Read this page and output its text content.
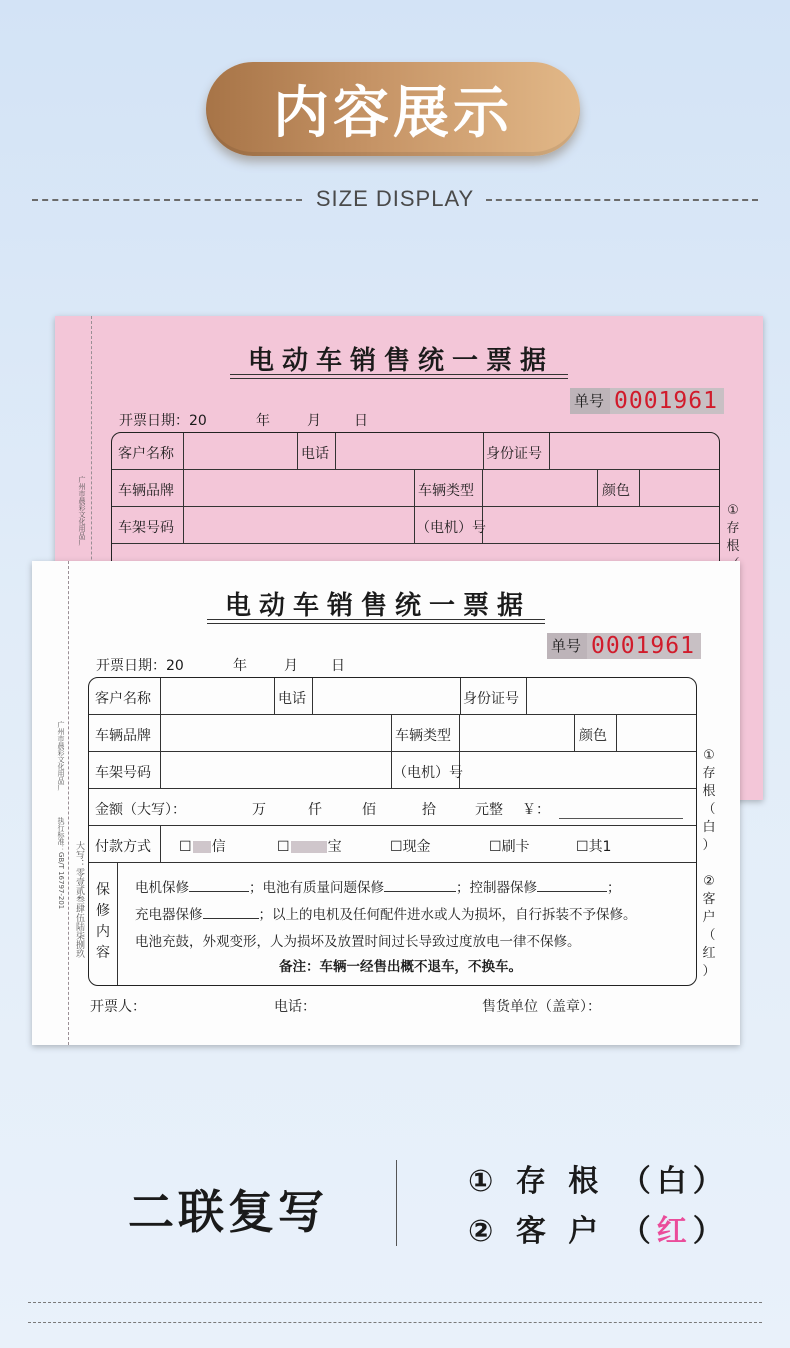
内容展示
SIZE DISPLAY
广州市晨彩文化用品厂
电动车销售统一票据
单号 0001961
开票日期：20	年	月 日
客户名称	电话	身份证号
车辆品牌	车辆类型	颜色
车架号码	（电机）号
①
存
根
广州市晨彩文化用品厂
执行标准：GB/T 16797-201 大写：零壹贰叁肆伍陆柒捌玖
电动车销售统一票据
单号 0001961
开票日期：20	年	月 日
客户名称	电话	身份证号
车辆品牌	车辆类型	颜色
车架号码	（电机）号
金额（大写）：	万	仟	佰	拾	元整 ￥：
付款方式 ☐ 信	☐	宝	☐现金	☐刷卡	☐其1
保
修
内
容
电机保修	；电池有质量问题保修	；控制器保修	；
充电器保修	；以上的电机及任何配件进水或人为损坏，自行拆装不予保修。
电池充鼓，外观变形，人为损坏及放置时间过长导致过度放电一律不保修。
备注：车辆一经售出概不退车，不换车。
①
存
根
（
白
）
②
客
户
（
红
）
开票人：	电话：	售货单位（盖章）：
二联复写
① 存 根 （白）
② 客 户 （红）
